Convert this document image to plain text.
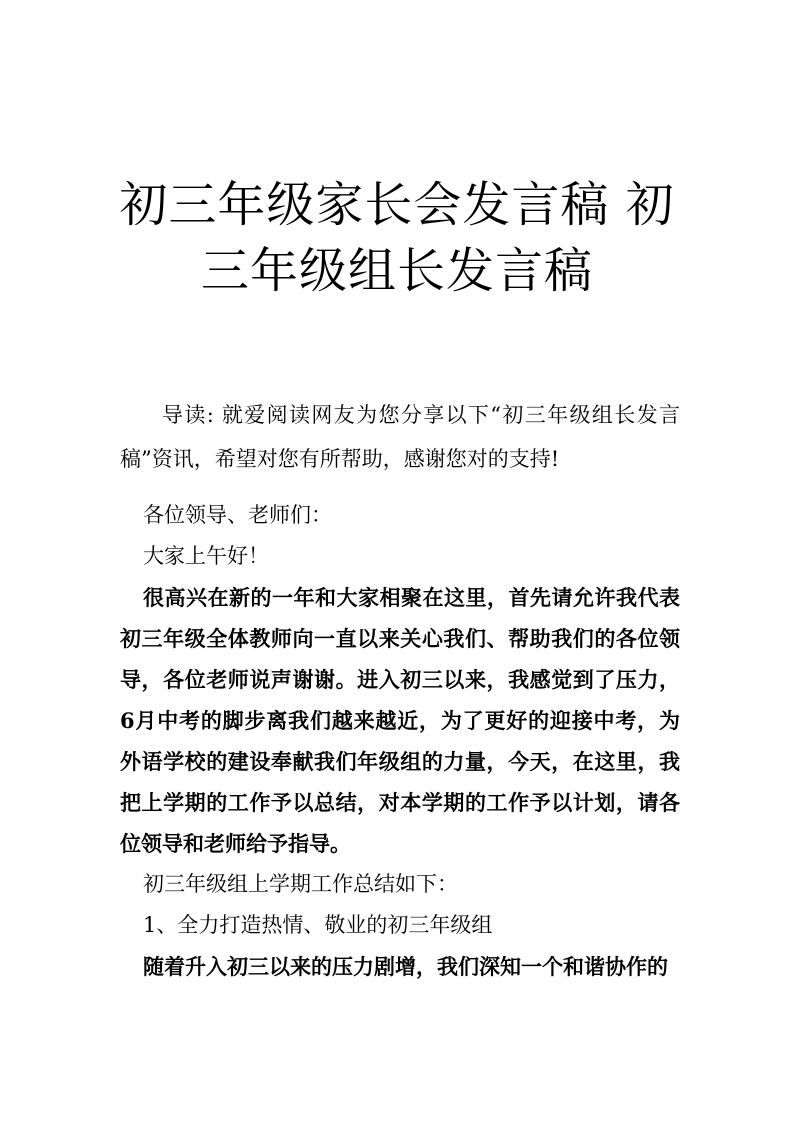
初三年级家长会发言稿 初三年级组长发言稿

导读: 就爱阅读网友为您分享以下“初三年级组长发言稿”资讯，希望对您有所帮助，感谢您对的支持!

各位领导、老师们：

大家上午好！

很高兴在新的一年和大家相聚在这里，首先请允许我代表初三年级全体教师向一直以来关心我们、帮助我们的各位领导，各位老师说声谢谢。进入初三以来，我感觉到了压力，6月中考的脚步离我们越来越近，为了更好的迎接中考，为外语学校的建设奉献我们年级组的力量，今天，在这里，我把上学期的工作予以总结，对本学期的工作予以计划，请各位领导和老师给予指导。

初三年级组上学期工作总结如下：

1、全力打造热情、敬业的初三年级组

随着升入初三以来的压力剧增，我们深知一个和谐协作的
